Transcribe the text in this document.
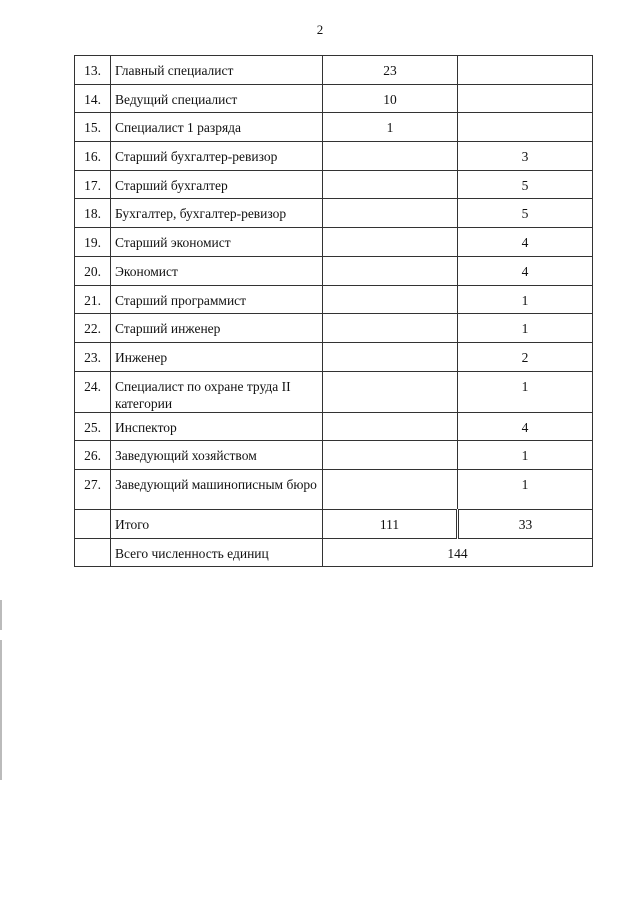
2
13.	Главный специалист	23	
14.	Ведущий специалист	10	
15.	Специалист 1 разряда	1	
16.	Старший бухгалтер-ревизор		3
17.	Старший бухгалтер		5
18.	Бухгалтер, бухгалтер-ревизор		5
19.	Старший экономист		4
20.	Экономист		4
21.	Старший программист		1
22.	Старший инженер		1
23.	Инженер		2
24.	Специалист по охране труда II категории		1
25.	Инспектор		4
26.	Заведующий хозяйством		1
27.	Заведующий машинописным бюро		1
	Итого	111	33
	Всего численность единиц	144	
